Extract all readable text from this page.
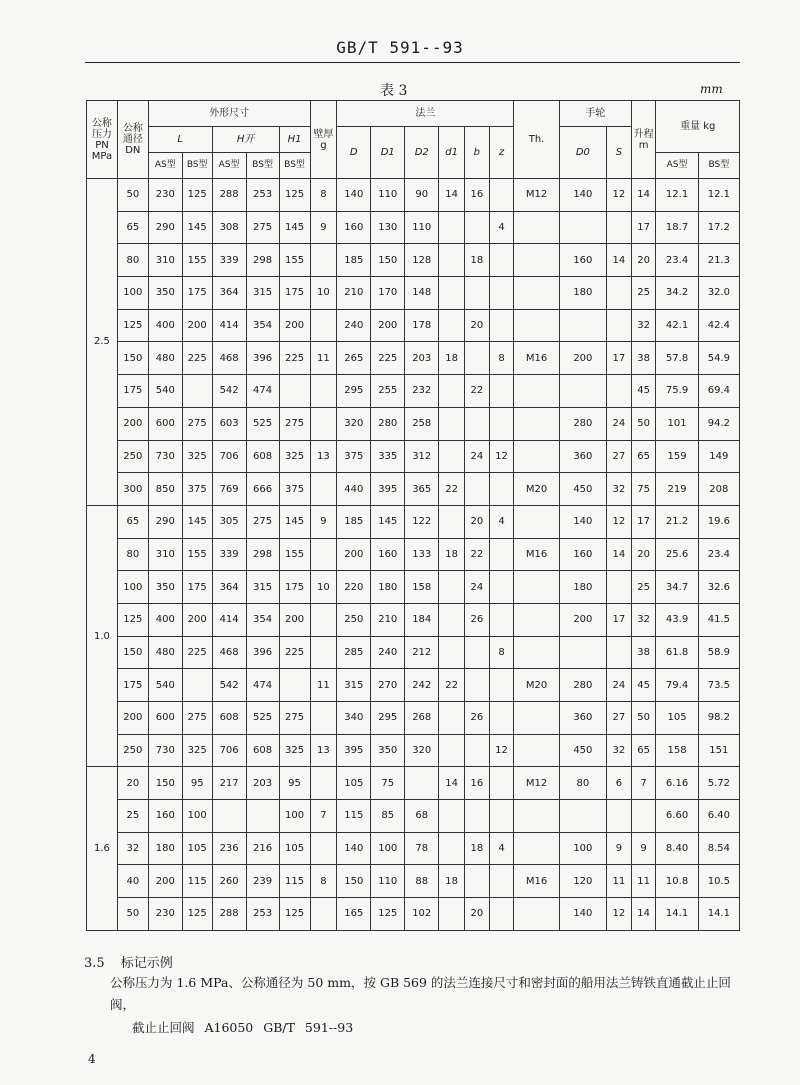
GB/T 591--93
表 3	mm
公称压力 PN MPa	公称通径 DN	外形尺寸					壁厚 g	法兰						Th.	手轮		升程 m	重量 kg	
		L		H开		H1		D	D1	D2	d1	b	z		D0	S			
		AS型	BS型	AS型	BS型	BS型												AS型	BS型
2.5	50	230	125	288	253	125	8	140	110	90	14	16		M12	140	12	14	12.1	12.1
	65	290	145	308	275	145	9	160	130	110			4				17	18.7	17.2
	80	310	155	339	298	155		185	150	128		18			160	14	20	23.4	21.3
	100	350	175	364	315	175	10	210	170	148					180		25	34.2	32.0
	125	400	200	414	354	200		240	200	178		20					32	42.1	42.4
	150	480	225	468	396	225	11	265	225	203	18		8	M16	200	17	38	57.8	54.9
	175	540		542	474			295	255	232		22					45	75.9	69.4
	200	600	275	603	525	275		320	280	258					280	24	50	101	94.2
	250	730	325	706	608	325	13	375	335	312		24	12		360	27	65	159	149
	300	850	375	769	666	375		440	395	365	22			M20	450	32	75	219	208
1.0	65	290	145	305	275	145	9	185	145	122		20	4		140	12	17	21.2	19.6
	80	310	155	339	298	155		200	160	133	18	22		M16	160	14	20	25.6	23.4
	100	350	175	364	315	175	10	220	180	158		24			180		25	34.7	32.6
	125	400	200	414	354	200		250	210	184		26			200	17	32	43.9	41.5
	150	480	225	468	396	225		285	240	212			8				38	61.8	58.9
	175	540		542	474		11	315	270	242	22			M20	280	24	45	79.4	73.5
	200	600	275	608	525	275		340	295	268		26			360	27	50	105	98.2
	250	730	325	706	608	325	13	395	350	320			12		450	32	65	158	151
1.6	20	150	95	217	203	95		105	75		14	16		M12	80	6	7	6.16	5.72
	25	160	100			100	7	115	85	68								6.60	6.40
	32	180	105	236	216	105		140	100	78		18	4		100	9	9	8.40	8.54
	40	200	115	260	239	115	8	150	110	88	18			M16	120	11	11	10.8	10.5
	50	230	125	288	253	125		165	125	102		20			140	12	14	14.1	14.1
3.5 标记示例
公称压力为 1.6 MPa、公称通径为 50 mm，按 GB 569 的法兰连接尺寸和密封面的船用法兰铸铁直通截止止回阀，
截止止回阀 A16050 GB/T 591--93
4
